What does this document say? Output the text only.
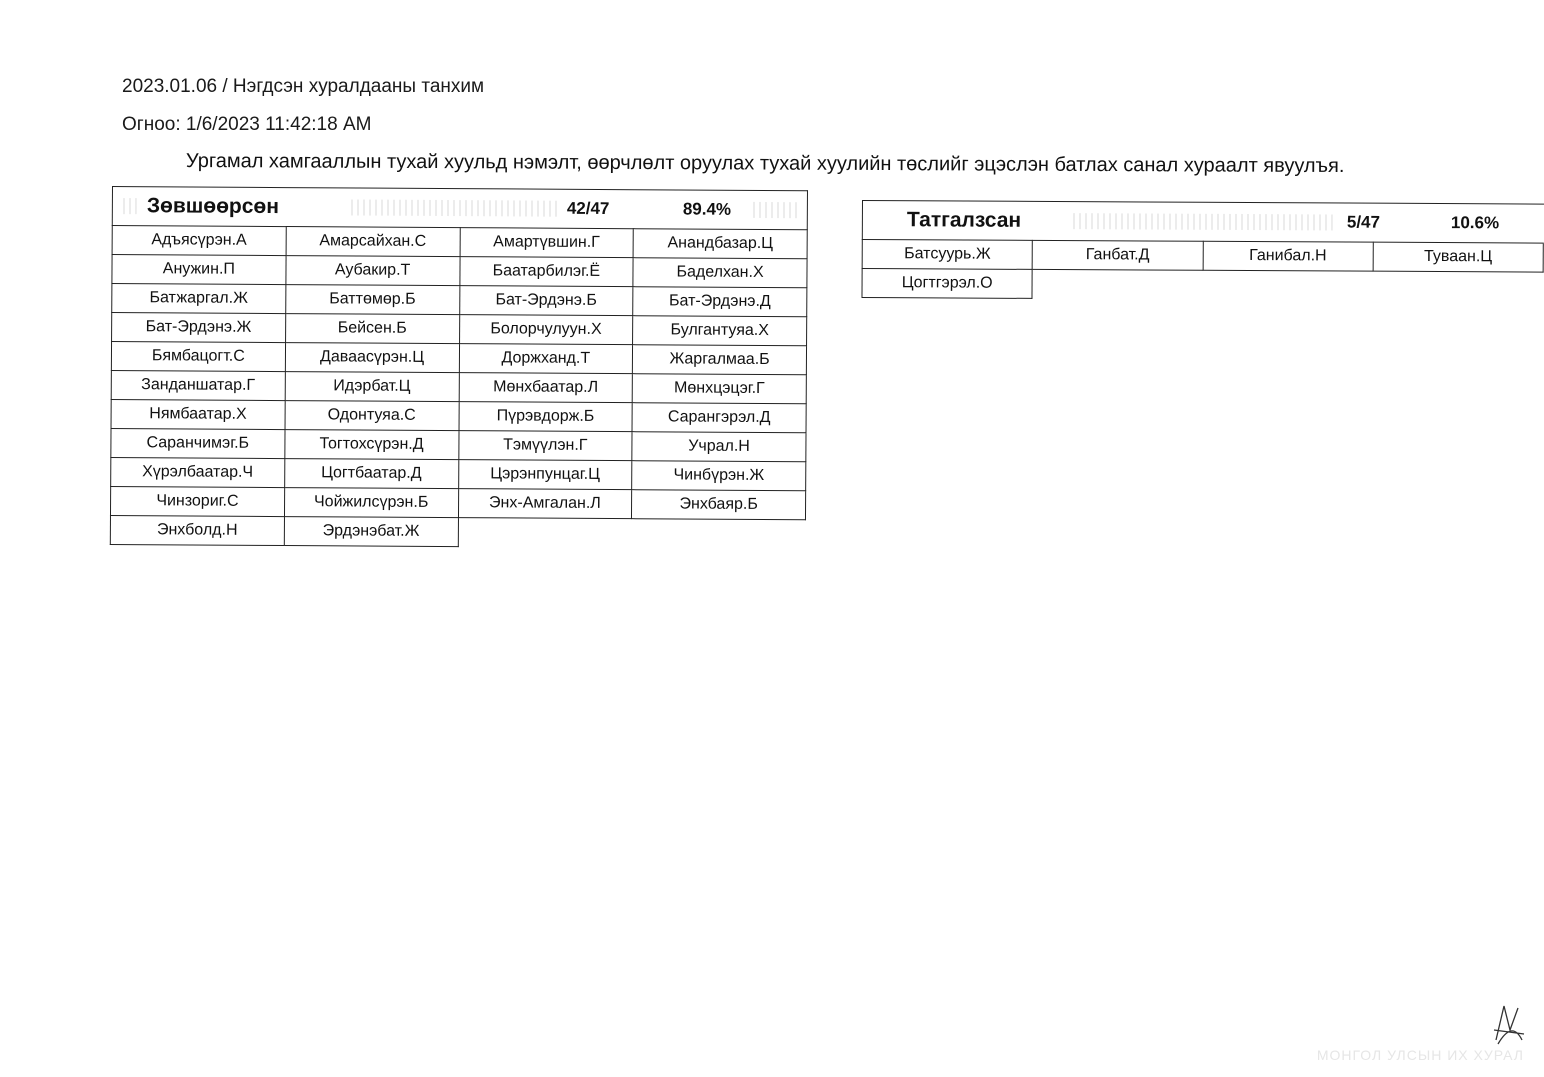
2023.01.06 / Нэгдсэн хуралдааны танхим
Огноо: 1/6/2023 11:42:18 AM
Ургамал хамгааллын тухай хуульд нэмэлт, өөрчлөлт оруулах тухай хуулийн төслийг эцэслэн батлах санал хураалт явуулъя.
Зөвшөөрсөн 42/47 89.4%			

Адъясүрэн.А	Амарсайхан.С	Амартүвшин.Г	Анандбазар.Ц
Анужин.П	Аубакир.Т	Баатарбилэг.Ё	Баделхан.Х
Батжаргал.Ж	Баттөмөр.Б	Бат-Эрдэнэ.Б	Бат-Эрдэнэ.Д
Бат-Эрдэнэ.Ж	Бейсен.Б	Болорчулуун.Х	Булгантуяа.Х
Бямбацогт.С	Даваасүрэн.Ц	Доржханд.Т	Жаргалмаа.Б
Занданшатар.Г	Идэрбат.Ц	Мөнхбаатар.Л	Мөнхцэцэг.Г
Нямбаатар.Х	Одонтуяа.С	Пүрэвдорж.Б	Сарангэрэл.Д
Саранчимэг.Б	Тогтохсүрэн.Д	Тэмүүлэн.Г	Учрал.Н
Хүрэлбаатар.Ч	Цогтбаатар.Д	Цэрэнпунцаг.Ц	Чинбүрэн.Ж
Чинзориг.С	Чойжилсүрэн.Б	Энх-Амгалан.Л	Энхбаяр.Б
Энхболд.Н	Эрдэнэбат.Ж		
Татгалзсан 5/47 10.6%			

Батсуурь.Ж	Ганбат.Д	Ганибал.Н	Туваан.Ц
Цогтгэрэл.О			
МОНГОЛ УЛСЫН ИХ ХУРАЛ
